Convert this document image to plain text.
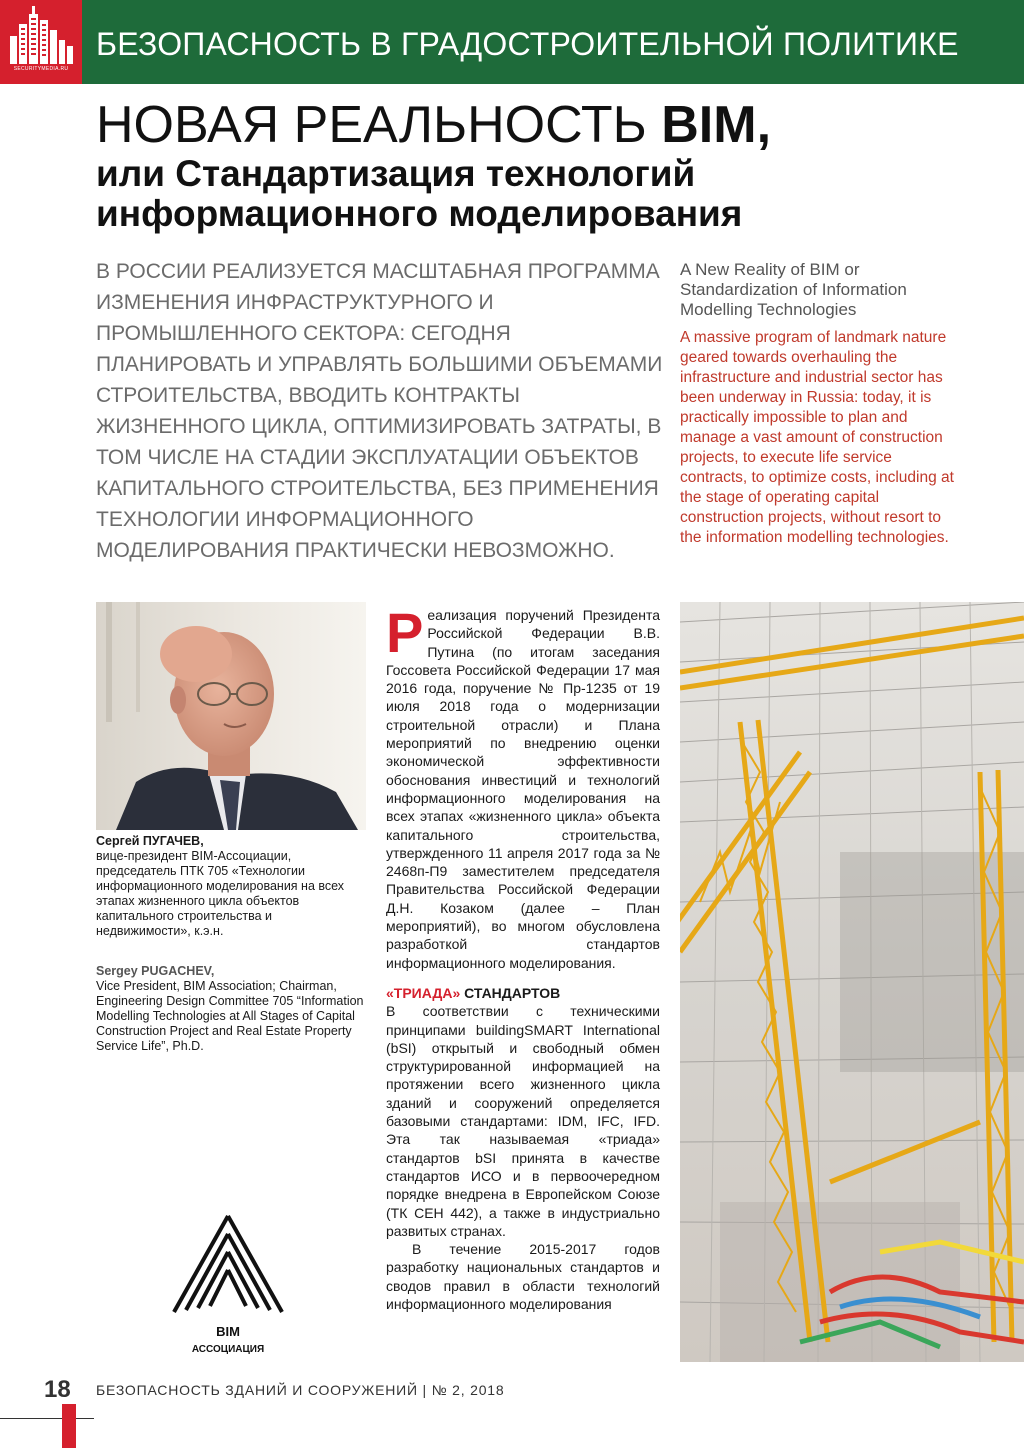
SECURITYMEDIA.RU
БЕЗОПАСНОСТЬ В ГРАДОСТРОИТЕЛЬНОЙ ПОЛИТИКЕ
НОВАЯ РЕАЛЬНОСТЬ BIM,
или Стандартизация технологий
информационного моделирования
В РОССИИ РЕАЛИЗУЕТСЯ МАСШТАБНАЯ ПРОГРАММА ИЗМЕНЕНИЯ ИНФРАСТРУКТУРНОГО И ПРОМЫШЛЕННОГО СЕКТОРА: СЕГОДНЯ ПЛАНИРОВАТЬ И УПРАВЛЯТЬ БОЛЬШИМИ ОБЪЕМАМИ СТРОИТЕЛЬСТВА, ВВОДИТЬ КОНТРАКТЫ ЖИЗНЕННОГО ЦИКЛА, ОПТИМИЗИРОВАТЬ ЗАТРАТЫ, В ТОМ ЧИСЛЕ НА СТАДИИ ЭКСПЛУАТАЦИИ ОБЪЕКТОВ КАПИТАЛЬНОГО СТРОИТЕЛЬСТВА, БЕЗ ПРИМЕНЕНИЯ ТЕХНОЛОГИИ ИНФОРМАЦИОННОГО МОДЕЛИРОВАНИЯ ПРАКТИЧЕСКИ НЕВОЗМОЖНО.

A New Reality of BIM or Standardization of Information Modelling Technologies

A massive program of landmark nature geared towards overhauling the infrastructure and industrial sector has been underway in Russia: today, it is practically impossible to plan and manage a vast amount of construction projects, to execute life service contracts, to optimize costs, including at the stage of operating capital construction projects, without resort to the information modelling technologies.

Сергей ПУГАЧЕВ,
вице-президент BIM-Ассоциации, председатель ПТК 705 «Технологии информационного моделирования на всех этапах жизненного цикла объектов капитального строительства и недвижимости», к.э.н.
Sergey PUGACHEV,
Vice President, BIM Association; Chairman, Engineering Design Committee 705 “Information Modelling Technologies at All Stages of Capital Construction Project and Real Estate Property Service Life”, Ph.D.
BIM
АССОЦИАЦИЯ

Реализация поручений Президента Российской Федерации В.В. Путина (по итогам заседания Госсовета Российской Федерации 17 мая 2016 года, поручение № Пр-1235 от 19 июля 2018 года о модернизации строительной отрасли) и Плана мероприятий по внедрению оценки экономической эффективности обоснования инвестиций и технологий информационного моделирования на всех этапах «жизненного цикла» объекта капитального строительства, утвержденного 11 апреля 2017 года за № 2468п-П9 заместителем председателя Правительства Российской Федерации Д.Н. Козаком (далее – План мероприятий), во многом обусловлена разработкой стандартов информационного моделирования.

«ТРИАДА» СТАНДАРТОВ

В соответствии с техническими принципами buildingSMART International (bSI) открытый и свободный обмен структурированной информацией на протяжении всего жизненного цикла зданий и сооружений определяется базовыми стандартами: IDM, IFC, IFD. Эта так называемая «триада» стандартов bSI принята в качестве стандартов ИСО и в первоочередном порядке внедрена в Европейском Союзе (ТК CEH 442), а также в индустриально развитых странах.

В течение 2015-2017 годов разработку национальных стандартов и сводов правил в области технологий информационного моделирования

18 БЕЗОПАСНОСТЬ ЗДАНИЙ И СООРУЖЕНИЙ | № 2, 2018
